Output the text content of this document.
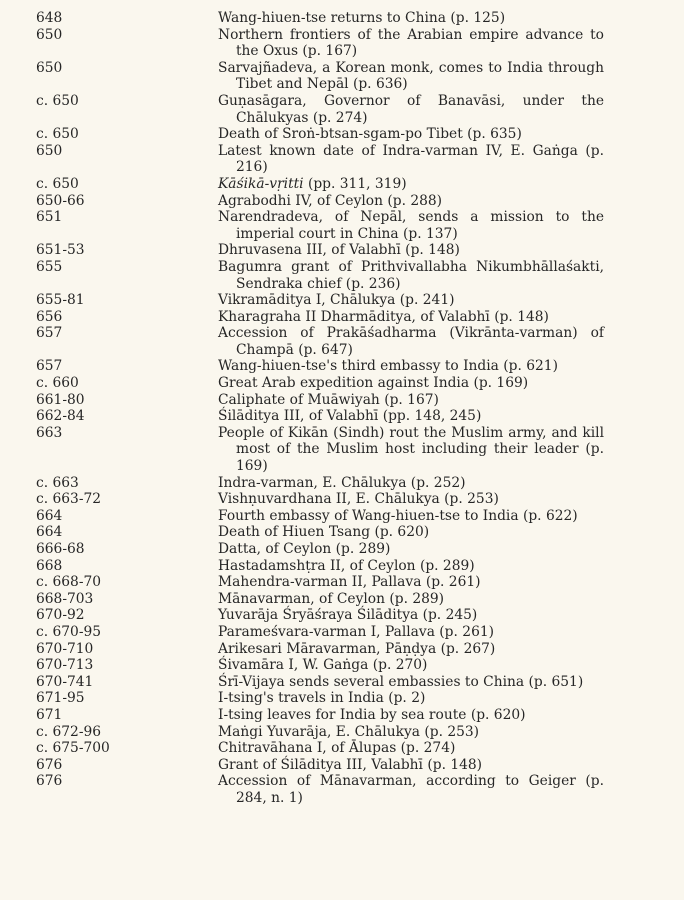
648	Wang-hiuen-tse returns to China (p. 125)
650	Northern frontiers of the Arabian empire advance to the Oxus (p. 167)
650	Sarvajñadeva, a Korean monk, comes to India through Tibet and Nepāl (p. 636)
c. 650	Guṇasāgara, Governor of Banavāsi, under the Chālukyas (p. 274)
c. 650	Death of Sroṅ-btsan-sgam-po Tibet (p. 635)
650	Latest known date of Indra-varman IV, E. Gaṅga (p. 216)
c. 650	Kāśikā-vṛitti (pp. 311, 319)
650-66	Agrabodhi IV, of Ceylon (p. 288)
651	Narendradeva, of Nepāl, sends a mission to the imperial court in China (p. 137)
651-53	Dhruvasena III, of Valabhī (p. 148)
655	Bagumra grant of Prithvivallabha Nikumbhāllaśakti, Sendraka chief (p. 236)
655-81	Vikramāditya I, Chālukya (p. 241)
656	Kharagraha II Dharmāditya, of Valabhī (p. 148)
657	Accession of Prakāśadharma (Vikrānta-varman) of Champā (p. 647)
657	Wang-hiuen-tse's third embassy to India (p. 621)
c. 660	Great Arab expedition against India (p. 169)
661-80	Caliphate of Muāwiyah (p. 167)
662-84	Śilāditya III, of Valabhī (pp. 148, 245)
663	People of Kikān (Sindh) rout the Muslim army, and kill most of the Muslim host including their leader (p. 169)
c. 663	Indra-varman, E. Chālukya (p. 252)
c. 663-72	Vishṇuvardhana II, E. Chālukya (p. 253)
664	Fourth embassy of Wang-hiuen-tse to India (p. 622)
664	Death of Hiuen Tsang (p. 620)
666-68	Datta, of Ceylon (p. 289)
668	Hastadamshṭra II, of Ceylon (p. 289)
c. 668-70	Mahendra-varman II, Pallava (p. 261)
668-703	Mānavarman, of Ceylon (p. 289)
670-92	Yuvarāja Śryāśraya Śilāditya (p. 245)
c. 670-95	Parameśvara-varman I, Pallava (p. 261)
670-710	Arikesari Māravarman, Pāṇḍya (p. 267)
670-713	Śivamāra I, W. Gaṅga (p. 270)
670-741	Śrī-Vijaya sends several embassies to China (p. 651)
671-95	I-tsing's travels in India (p. 2)
671	I-tsing leaves for India by sea route (p. 620)
c. 672-96	Maṅgi Yuvarāja, E. Chālukya (p. 253)
c. 675-700	Chitravāhana I, of Ālupas (p. 274)
676	Grant of Śilāditya III, Valabhī (p. 148)
676	Accession of Mānavarman, according to Geiger (p. 284, n. 1)
